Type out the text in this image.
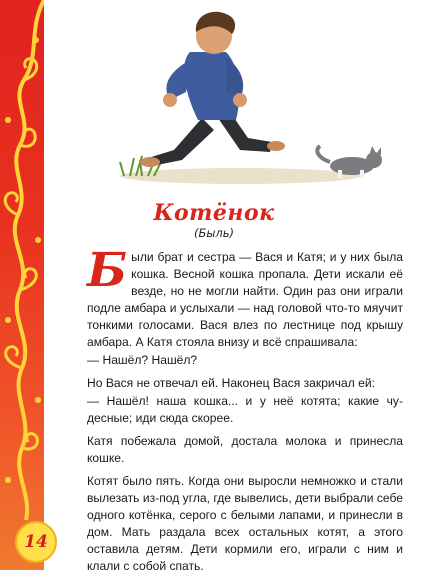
Котёнок
(Быль)

Были брат и сестра — Вася и Катя; и у них была кошка. Весной кошка пропала. Дети искали её везде, но не могли найти. Один раз они играли подле амбара и услыхали — над головой что-то мяучит тонкими голосами. Вася влез по лестнице под крышу амбара. А Катя стояла внизу и всё спрашивала:

— Нашёл? Нашёл?

Но Вася не отвечал ей. Наконец Вася закричал ей:

— Нашёл! наша кошка... и у неё котята; какие чудесные; иди сюда скорее.

Катя побежала домой, достала молока и принесла кошке.

Котят было пять. Когда они выросли немножко и стали вылезать из-под угла, где вывелись, дети выбрали себе одного котёнка, серого с белыми лапами, и принесли в дом. Мать раздала всех остальных котят, а этого оставила детям. Дети кормили его, играли с ним и клали с собой спать.

14
